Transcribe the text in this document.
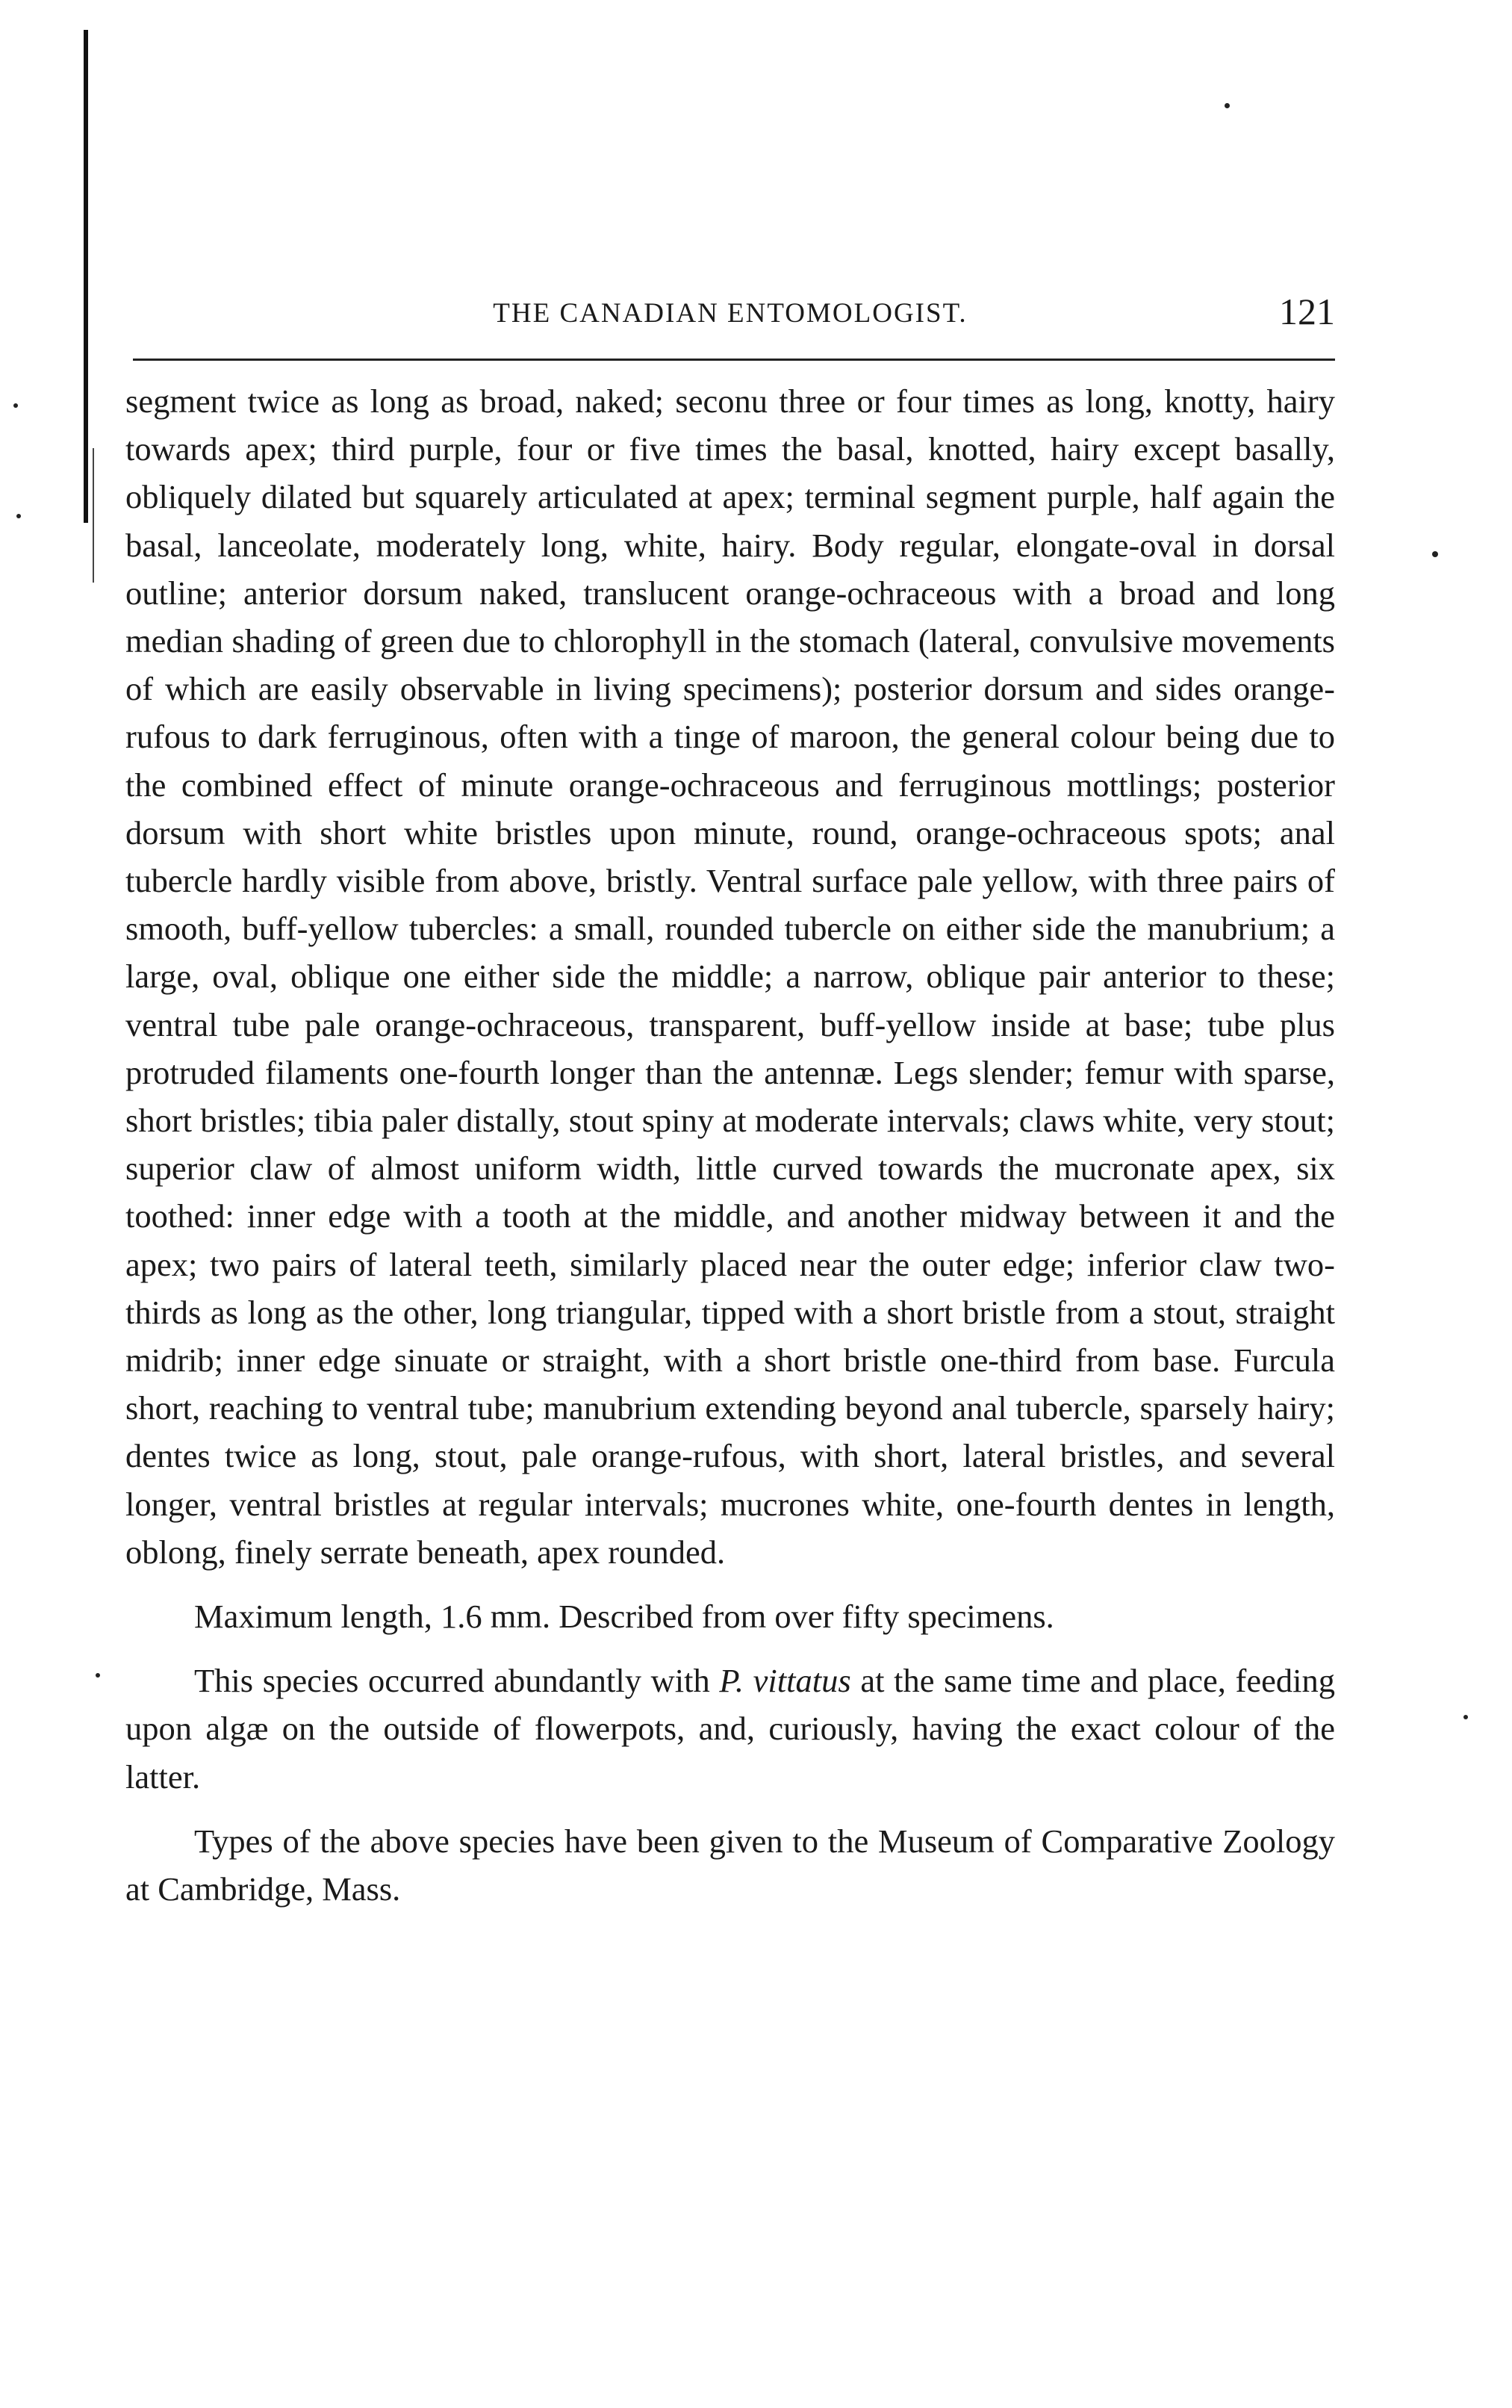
THE CANADIAN ENTOMOLOGIST.	121

segment twice as long as broad, naked; seconu three or four times as long, knotty, hairy towards apex; third purple, four or five times the basal, knotted, hairy except basally, obliquely dilated but squarely articulated at apex; terminal segment purple, half again the basal, lanceolate, moderately long, white, hairy. Body regular, elongate-oval in dorsal outline; anterior dorsum naked, translucent orange-ochraceous with a broad and long median shading of green due to chlorophyll in the stomach (lateral, convulsive movements of which are easily observable in living specimens); posterior dorsum and sides orange-rufous to dark ferruginous, often with a tinge of maroon, the general colour being due to the combined effect of minute orange-ochraceous and ferruginous mottlings; posterior dorsum with short white bristles upon minute, round, orange-ochraceous spots; anal tubercle hardly visible from above, bristly. Ventral surface pale yellow, with three pairs of smooth, buff-yellow tubercles: a small, rounded tubercle on either side the manubrium; a large, oval, oblique one either side the middle; a narrow, oblique pair anterior to these; ventral tube pale orange-ochraceous, transparent, buff-yellow inside at base; tube plus protruded filaments one-fourth longer than the antennæ. Legs slender; femur with sparse, short bristles; tibia paler distally, stout spiny at moderate intervals; claws white, very stout; superior claw of almost uniform width, little curved towards the mucronate apex, six toothed: inner edge with a tooth at the middle, and another midway between it and the apex; two pairs of lateral teeth, similarly placed near the outer edge; inferior claw two-thirds as long as the other, long triangular, tipped with a short bristle from a stout, straight midrib; inner edge sinuate or straight, with a short bristle one-third from base. Furcula short, reaching to ventral tube; manubrium extending beyond anal tubercle, sparsely hairy; dentes twice as long, stout, pale orange-rufous, with short, lateral bristles, and several longer, ventral bristles at regular intervals; mucrones white, one-fourth dentes in length, oblong, finely serrate beneath, apex rounded.

Maximum length, 1.6 mm. Described from over fifty specimens.

This species occurred abundantly with P. vittatus at the same time and place, feeding upon algæ on the outside of flowerpots, and, curiously, having the exact colour of the latter.

Types of the above species have been given to the Museum of Comparative Zoology at Cambridge, Mass.
